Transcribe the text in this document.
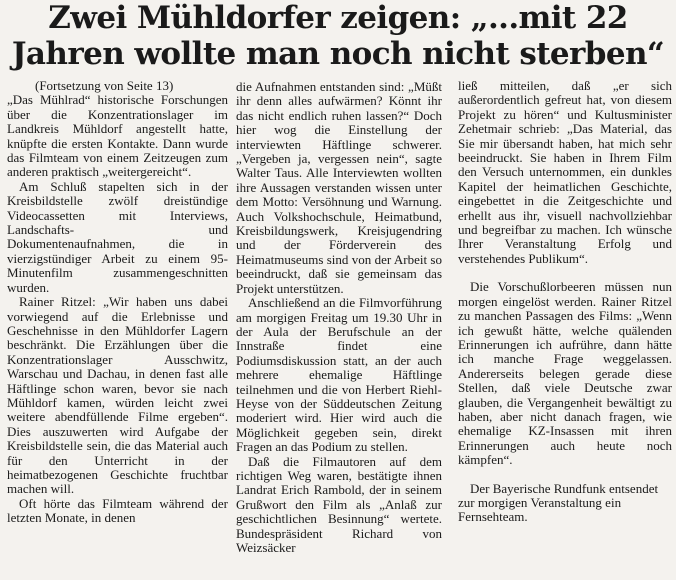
Zwei Mühldorfer zeigen: „...mit 22
Jahren wollte man noch nicht sterben“

(Fortsetzung von Seite 13)

„Das Mühlrad“ historische Forschungen über die Konzentrationslager im Landkreis Mühldorf angestellt hatte, knüpfte die ersten Kontakte. Dann wurde das Filmteam von einem Zeitzeugen zum anderen praktisch „weitergereicht“.

Am Schluß stapelten sich in der Kreisbildstelle zwölf dreistündige Videocassetten mit Interviews, Landschafts- und Dokumentenaufnahmen, die in vierzigstündiger Arbeit zu einem 95-Minutenfilm zusammengeschnitten wurden.

Rainer Ritzel: „Wir haben uns dabei vorwiegend auf die Erlebnisse und Geschehnisse in den Mühldorfer Lagern beschränkt. Die Erzählungen über die Konzentrationslager Ausschwitz, Warschau und Dachau, in denen fast alle Häftlinge schon waren, bevor sie nach Mühldorf kamen, würden leicht zwei weitere abendfüllende Filme ergeben“. Dies auszuwerten wird Aufgabe der Kreisbildstelle sein, die das Material auch für den Unterricht in der heimatbezogenen Geschichte fruchtbar machen will.

Oft hörte das Filmteam während der letzten Monate, in denen

die Aufnahmen entstanden sind: „Müßt ihr denn alles aufwärmen? Könnt ihr das nicht endlich ruhen lassen?“ Doch hier wog die Einstellung der interviewten Häftlinge schwerer. „Vergeben ja, vergessen nein“, sagte Walter Taus. Alle Interviewten wollten ihre Aussagen verstanden wissen unter dem Motto: Versöhnung und Warnung. Auch Volkshochschule, Heimatbund, Kreisbildungswerk, Kreisjugendring und der Förderverein des Heimatmuseums sind von der Arbeit so beeindruckt, daß sie gemeinsam das Projekt unterstützen.

Anschließend an die Filmvorführung am morgigen Freitag um 19.30 Uhr in der Aula der Berufschule an der Innstraße findet eine Podiumsdiskussion statt, an der auch mehrere ehemalige Häftlinge teilnehmen und die von Herbert Riehl-Heyse von der Süddeutschen Zeitung moderiert wird. Hier wird auch die Möglichkeit gegeben sein, direkt Fragen an das Podium zu stellen.

Daß die Filmautoren auf dem richtigen Weg waren, bestätigte ihnen Landrat Erich Rambold, der in seinem Grußwort den Film als „Anlaß zur geschichtlichen Besinnung“ wertete. Bundespräsident Richard von Weizsäcker

ließ mitteilen, daß „er sich außerordentlich gefreut hat, von diesem Projekt zu hören“ und Kultusminister Zehetmair schrieb: „Das Material, das Sie mir übersandt haben, hat mich sehr beeindruckt. Sie haben in Ihrem Film den Versuch unternommen, ein dunkles Kapitel der heimatlichen Geschichte, eingebettet in die Zeitgeschichte und erhellt aus ihr, visuell nachvollziehbar und begreifbar zu machen. Ich wünsche Ihrer Veranstaltung Erfolg und verstehendes Publikum“.

Die Vorschußlorbeeren müssen nun morgen eingelöst werden. Rainer Ritzel zu manchen Passagen des Films: „Wenn ich gewußt hätte, welche quälenden Erinnerungen ich aufrühre, dann hätte ich manche Frage weggelassen. Andererseits belegen gerade diese Stellen, daß viele Deutsche zwar glauben, die Vergangenheit bewältigt zu haben, aber nicht danach fragen, wie ehemalige KZ-Insassen mit ihren Erinnerungen auch heute noch kämpfen“.

Der Bayerische Rundfunk entsendet zur morgigen Veranstaltung ein Fernsehteam.
